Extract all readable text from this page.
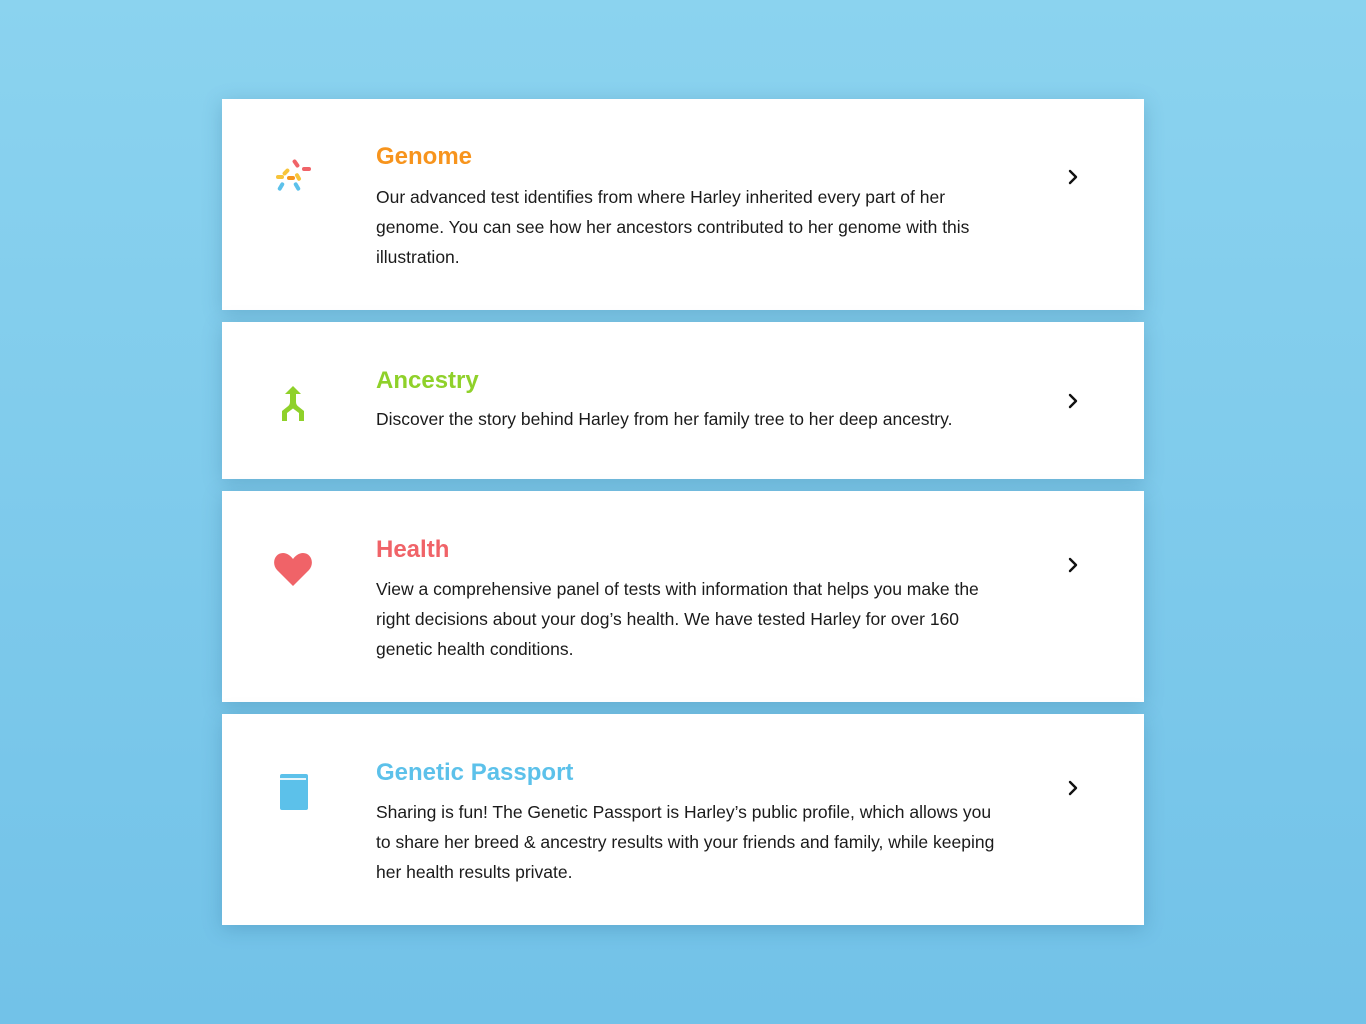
Genome

Our advanced test identifies from where Harley inherited every part of her genome. You can see how her ancestors contributed to her genome with this illustration.

Ancestry

Discover the story behind Harley from her family tree to her deep ancestry.

Health

View a comprehensive panel of tests with information that helps you make the right decisions about your dog’s health. We have tested Harley for over 160 genetic health conditions.

Genetic Passport

Sharing is fun! The Genetic Passport is Harley’s public profile, which allows you to share her breed & ancestry results with your friends and family, while keeping her health results private.
